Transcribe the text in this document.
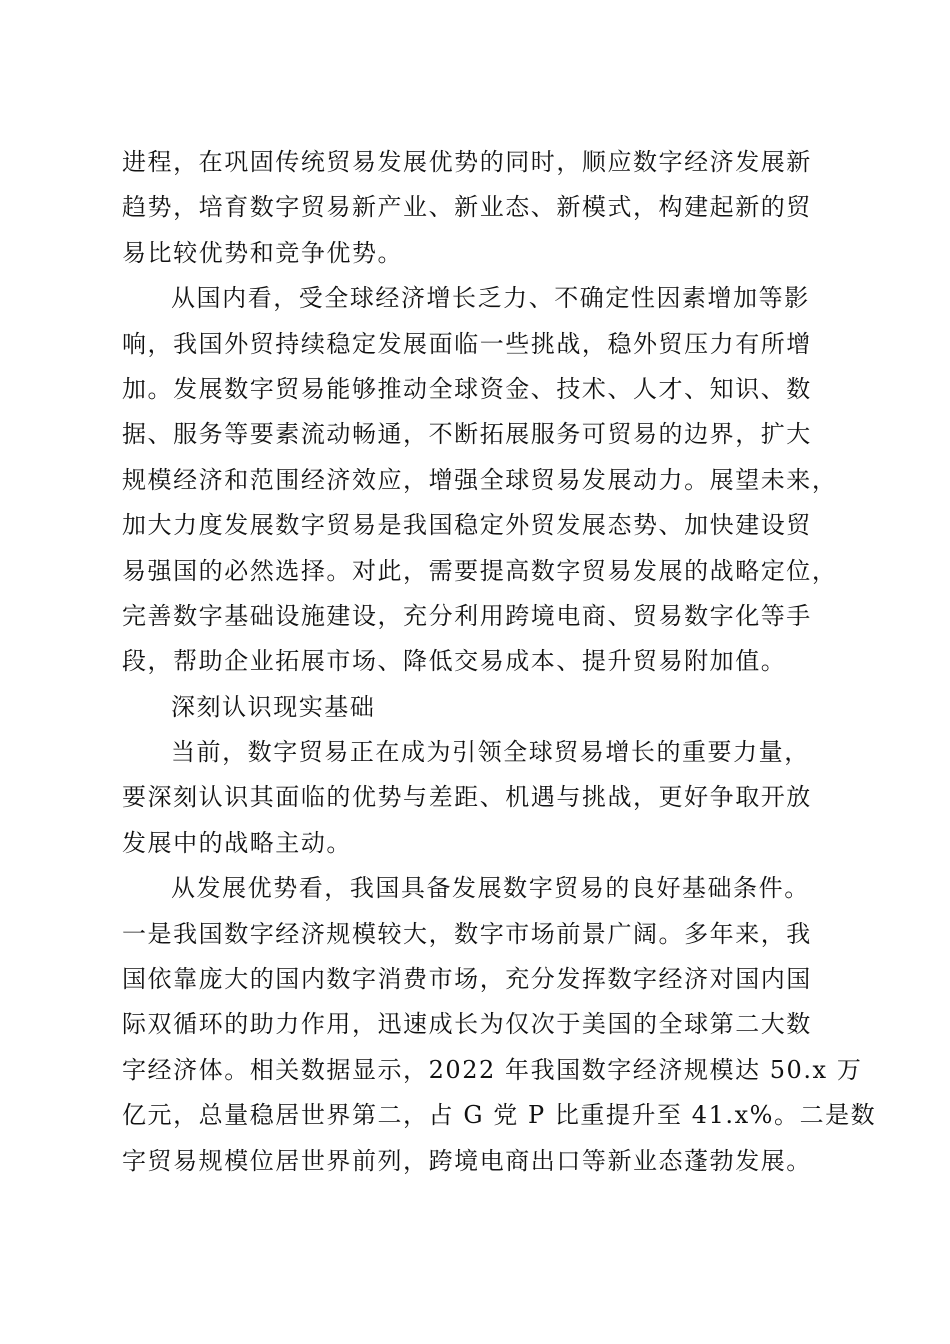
进程，在巩固传统贸易发展优势的同时，顺应数字经济发展新
趋势，培育数字贸易新产业、新业态、新模式，构建起新的贸
易比较优势和竞争优势。
从国内看，受全球经济增长乏力、不确定性因素增加等影
响，我国外贸持续稳定发展面临一些挑战，稳外贸压力有所增
加。发展数字贸易能够推动全球资金、技术、人才、知识、数
据、服务等要素流动畅通，不断拓展服务可贸易的边界，扩大
规模经济和范围经济效应，增强全球贸易发展动力。展望未来，
加大力度发展数字贸易是我国稳定外贸发展态势、加快建设贸
易强国的必然选择。对此，需要提高数字贸易发展的战略定位，
完善数字基础设施建设，充分利用跨境电商、贸易数字化等手
段，帮助企业拓展市场、降低交易成本、提升贸易附加值。
深刻认识现实基础
当前，数字贸易正在成为引领全球贸易增长的重要力量，
要深刻认识其面临的优势与差距、机遇与挑战，更好争取开放
发展中的战略主动。
从发展优势看，我国具备发展数字贸易的良好基础条件。
一是我国数字经济规模较大，数字市场前景广阔。多年来，我
国依靠庞大的国内数字消费市场，充分发挥数字经济对国内国
际双循环的助力作用，迅速成长为仅次于美国的全球第二大数
字经济体。相关数据显示，2022 年我国数字经济规模达 50.x 万
亿元，总量稳居世界第二，占 G 党 P 比重提升至 41.x%。二是数
字贸易规模位居世界前列，跨境电商出口等新业态蓬勃发展。
